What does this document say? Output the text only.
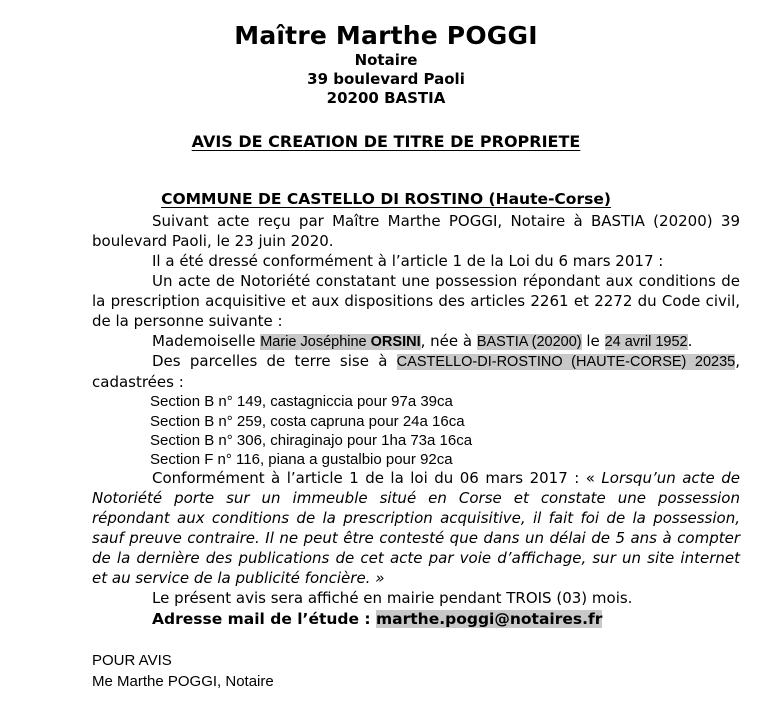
Maître Marthe POGGI
Notaire
39 boulevard Paoli
20200 BASTIA
AVIS DE CREATION DE TITRE DE PROPRIETE
COMMUNE DE CASTELLO DI ROSTINO (Haute-Corse)

Suivant acte reçu par Maître Marthe POGGI, Notaire à BASTIA (20200) 39 boulevard Paoli, le 23 juin 2020.

Il a été dressé conformément à l’article 1 de la Loi du 6 mars 2017 :

Un acte de Notoriété constatant une possession répondant aux conditions de la prescription acquisitive et aux dispositions des articles 2261 et 2272 du Code civil, de la personne suivante :

Mademoiselle Marie Joséphine ORSINI, née à BASTIA (20200) le 24 avril 1952.

Des parcelles de terre sise à CASTELLO-DI-ROSTINO (HAUTE-CORSE) 20235, cadastrées :

Section B n° 149, castagniccia pour 97a 39ca
Section B n° 259, costa capruna pour 24a 16ca
Section B n° 306, chiraginajo pour 1ha 73a 16ca
Section F n° 116, piana a gustalbio pour 92ca

Conformément à l’article 1 de la loi du 06 mars 2017 : « Lorsqu’un acte de Notoriété porte sur un immeuble situé en Corse et constate une possession répondant aux conditions de la prescription acquisitive, il fait foi de la possession, sauf preuve contraire. Il ne peut être contesté que dans un délai de 5 ans à compter de la dernière des publications de cet acte par voie d’affichage, sur un site internet et au service de la publicité foncière. »

Le présent avis sera affiché en mairie pendant TROIS (03) mois.

Adresse mail de l’étude : marthe.poggi@notaires.fr

POUR AVIS
Me Marthe POGGI, Notaire
